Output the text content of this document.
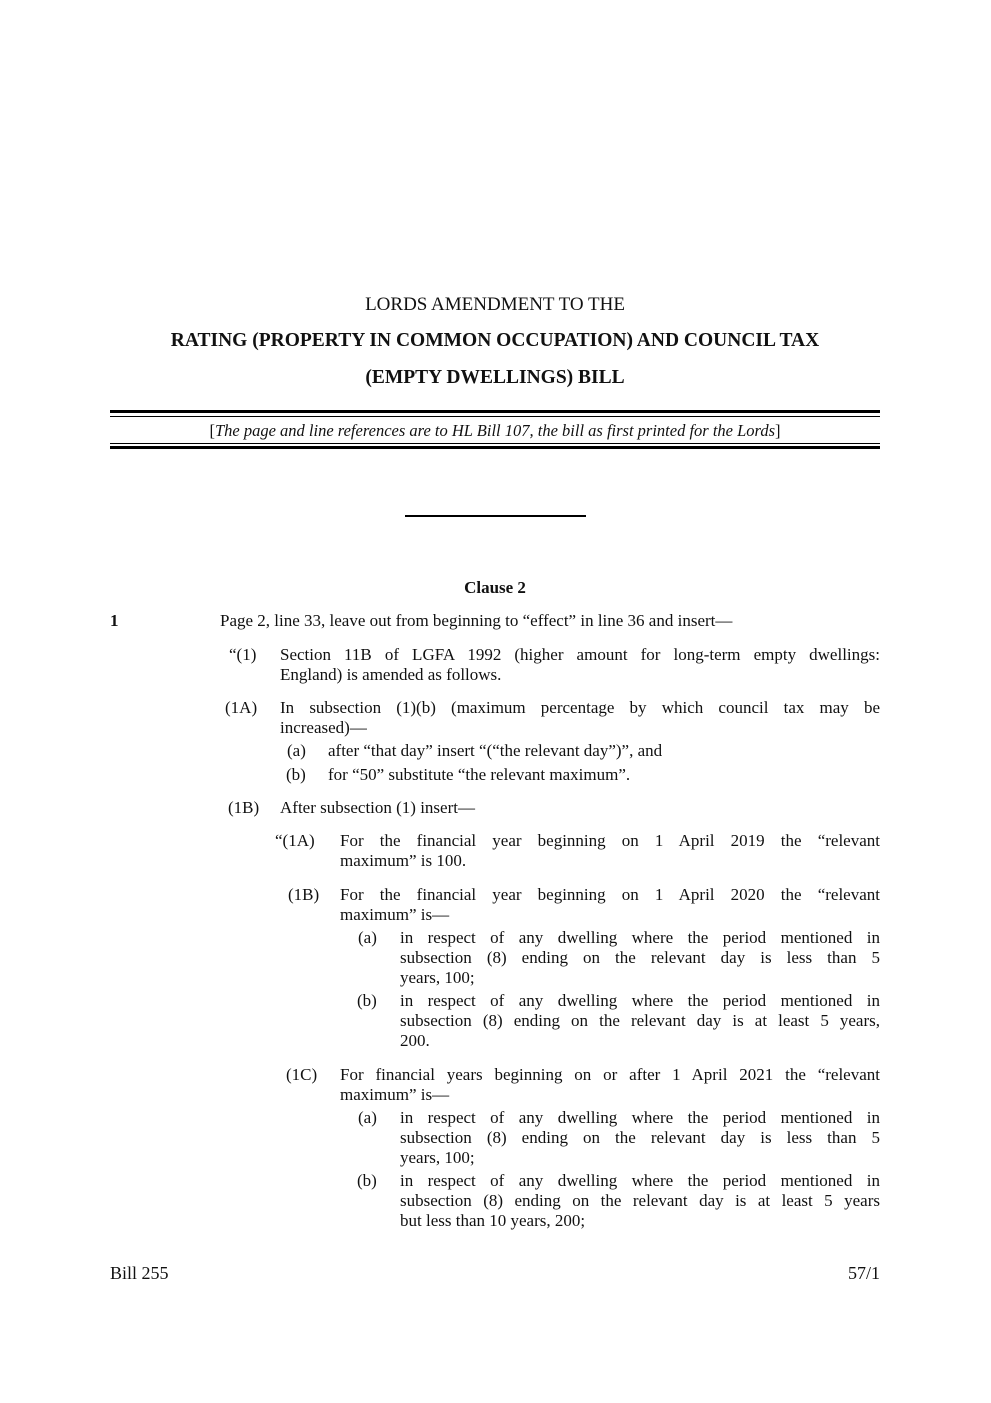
LORDS AMENDMENT TO THE
RATING (PROPERTY IN COMMON OCCUPATION) AND COUNCIL TAX
(EMPTY DWELLINGS) BILL
[The page and line references are to HL Bill 107, the bill as first printed for the Lords]
Clause 2
1	Page 2, line 33, leave out from beginning to “effect” in line 36 and insert—
“(1) Section 11B of LGFA 1992 (higher amount for long-term empty dwellings:
England) is amended as follows.
(1A) In subsection (1)(b) (maximum percentage by which council tax may be
increased)—
(a) after “that day” insert “(“the relevant day”)”, and
(b) for “50” substitute “the relevant maximum”.
(1B) After subsection (1) insert—
“(1A) For the financial year beginning on 1 April 2019 the “relevant
maximum” is 100.
(1B) For the financial year beginning on 1 April 2020 the “relevant
maximum” is—
(a) in respect of any dwelling where the period mentioned in
subsection (8) ending on the relevant day is less than 5
years, 100;
(b) in respect of any dwelling where the period mentioned in
subsection (8) ending on the relevant day is at least 5 years,
200.
(1C) For financial years beginning on or after 1 April 2021 the “relevant
maximum” is—
(a) in respect of any dwelling where the period mentioned in
subsection (8) ending on the relevant day is less than 5
years, 100;
(b) in respect of any dwelling where the period mentioned in
subsection (8) ending on the relevant day is at least 5 years
but less than 10 years, 200;
Bill 255	57/1
